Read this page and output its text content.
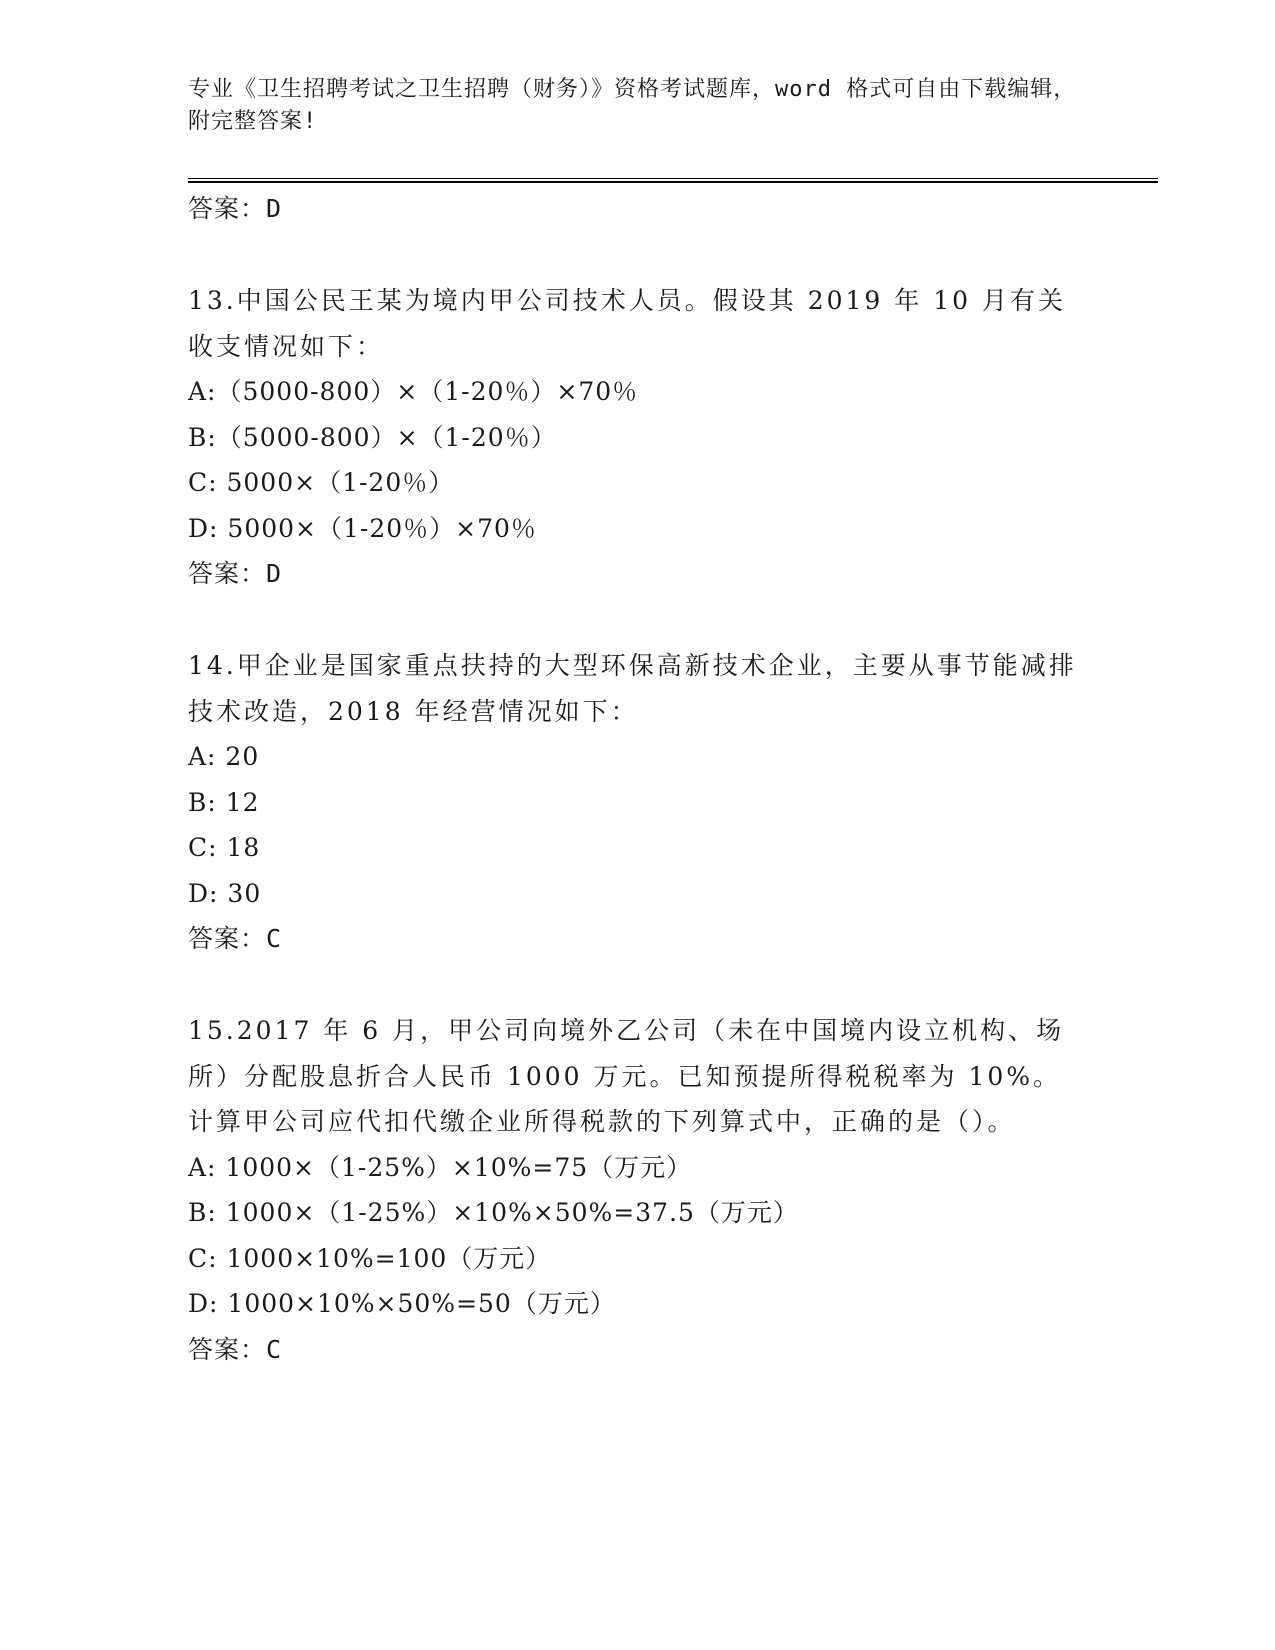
专业《卫生招聘考试之卫生招聘（财务）》资格考试题库，word 格式可自由下载编辑，附完整答案!
答案：D
13.中国公民王某为境内甲公司技术人员。假设其 2019 年 10 月有关收支情况如下：
A:（5000-800）×（1-20％）×70％
B:（5000-800）×（1-20％）
C: 5000×（1-20％）
D: 5000×（1-20％）×70％
答案：D
14.甲企业是国家重点扶持的大型环保高新技术企业，主要从事节能减排技术改造，2018 年经营情况如下：
A: 20
B: 12
C: 18
D: 30
答案：C
15.2017 年 6 月，甲公司向境外乙公司（未在中国境内设立机构、场所）分配股息折合人民币 1000 万元。已知预提所得税税率为 10%。计算甲公司应代扣代缴企业所得税款的下列算式中，正确的是（）。
A: 1000×（1-25%）×10%=75（万元）
B: 1000×（1-25%）×10%×50%=37.5（万元）
C: 1000×10%=100（万元）
D: 1000×10%×50%=50（万元）
答案：C
